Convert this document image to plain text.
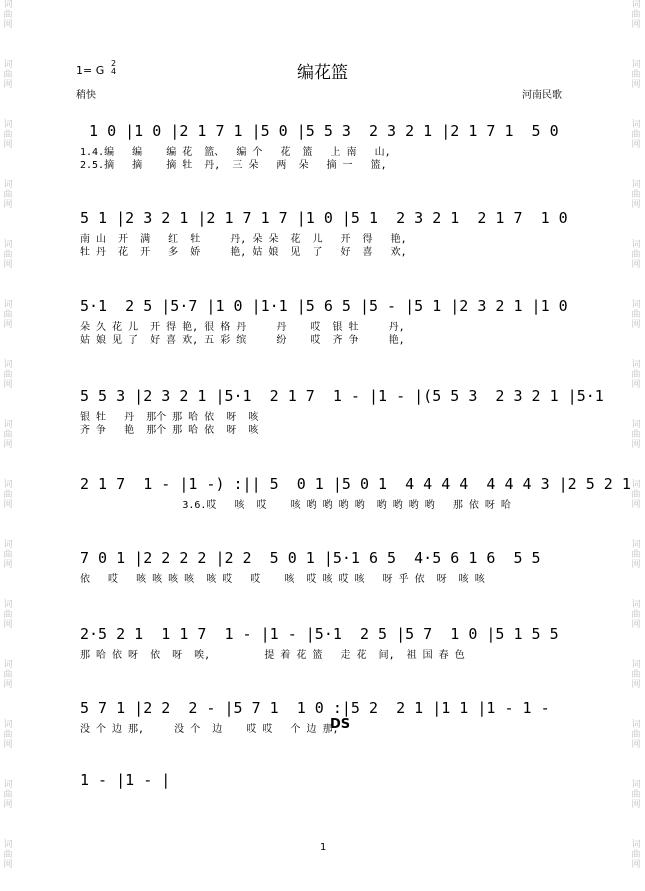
词
曲
网
词
曲
网
词
曲
网
词
曲
网
词
曲
网
词
曲
网
词
曲
网
词
曲
网
词
曲
网
词
曲
网
词
曲
网
词
曲
网
词
曲
网
词
曲
网
词
曲
网
词
曲
网
词
曲
网
词
曲
网
词
曲
网
词
曲
网
词
曲
网
词
曲
网
词
曲
网
词
曲
网
词
曲
网
词
曲
网
词
曲
网
词
曲
网
词
曲
网
词
曲
网
1= G
2
4	编花篮
稍快	河南民歌
1 0 |1 0 |2 1 7 1 |5 0 |5 5 3  2 3 2 1 |2 1 7 1  5 0
1.4.编   编    编 花  篮、  编 个   花  篮   上 南   山,
2.5.摘   摘    摘 牡  丹,  三 朵   两  朵   摘 一   篮,
5 1 |2 3 2 1 |2 1 7 1 7 |1 0 |5 1  2 3 2 1  2 1 7  1 0
南 山  开  满   红  牡     丹, 朵 朵  花  儿   开  得   艳,
牡 丹  花  开   多  娇     艳, 姑 娘  见  了   好  喜   欢,
5·1  2 5 |5·7 |1 0 |1·1 |5 6 5 |5 - |5 1 |2 3 2 1 |1 0
朵 久 花 儿  开 得 艳, 很 格 丹     丹    哎  银 牡     丹,
姑 娘 见 了  好 喜 欢, 五 彩 缤     纷    哎  齐 争     艳,
5 5 3 |2 3 2 1 |5·1  2 1 7  1 - |1 - |(5 5 3  2 3 2 1 |5·1
银 牡   丹  那个 那 哈 依  呀  咳
齐 争   艳  那个 那 哈 依  呀  咳
2 1 7  1 - |1 -) :|| 5  0 1 |5 0 1  4 4 4 4  4 4 4 3 |2 5 2 1
3.6.哎   咳  哎    咳 哟 哟 哟 哟  哟 哟 哟 哟   那 依 呀 哈
7 0 1 |2 2 2 2 |2 2  5 0 1 |5·1 6 5  4·5 6 1 6  5 5
依   哎   咳 咳 咳 咳  咳 哎   哎    咳  哎 咳 哎 咳   呀 乎 依  呀  咳 咳
2·5 2 1  1 1 7  1 - |1 - |5·1  2 5 |5 7  1 0 |5 1 5 5
那 哈 依 呀  依  呀  唉,         提 着 花 篮   走 花  间,  祖 国 春 色
5 7 1 |2 2  2 - |5 7 1  1 0 :|5 2  2 1 |1 1 |1 - 1 -
没 个 边 那,     没 个  边    哎 哎   个 边 那,
1 - |1 - |
DS
1
